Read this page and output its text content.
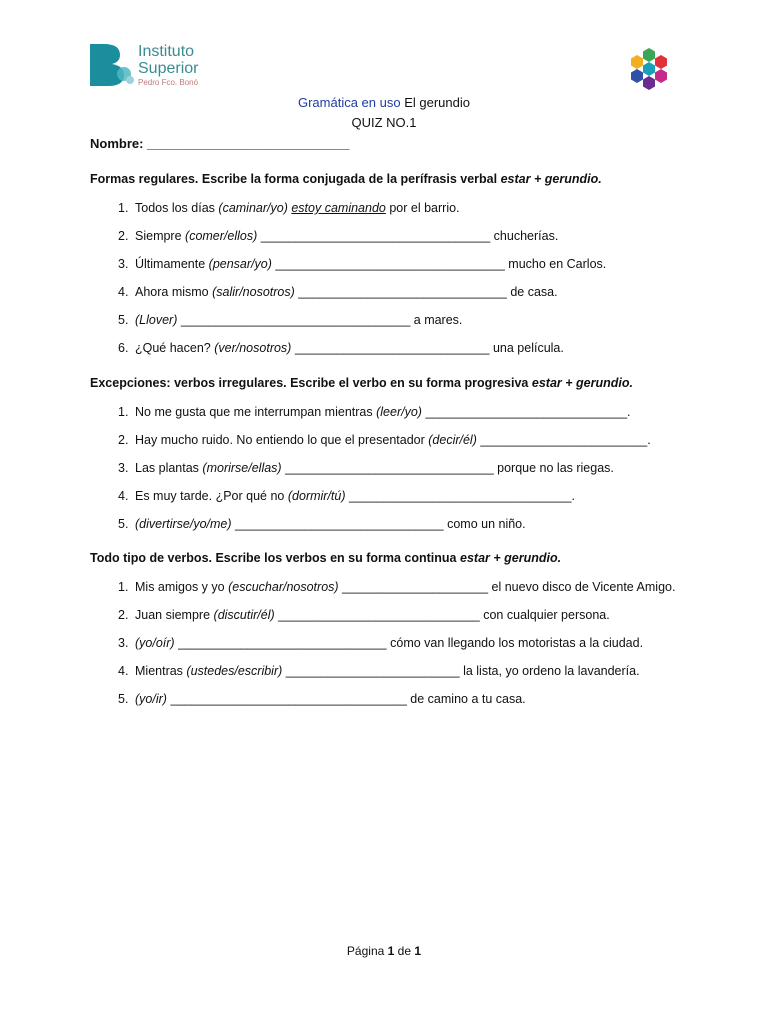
Instituto
Superior
Pedro Fco. Bonó
Gramática en uso El gerundio
QUIZ NO.1
Nombre: ____________________________
Formas regulares. Escribe la forma conjugada de la perífrasis verbal estar + gerundio.
1. Todos los días (caminar/yo) estoy caminando por el barrio.
2. Siempre (comer/ellos) _________________________________ chucherías.
3. Últimamente (pensar/yo) _________________________________ mucho en Carlos.
4. Ahora mismo (salir/nosotros) ______________________________ de casa.
5. (Llover) _________________________________ a mares.
6. ¿Qué hacen? (ver/nosotros) ____________________________ una película.
Excepciones: verbos irregulares. Escribe el verbo en su forma progresiva estar + gerundio.
1. No me gusta que me interrumpan mientras (leer/yo) _____________________________.
2. Hay mucho ruido. No entiendo lo que el presentador (decir/él) ________________________.
3. Las plantas (morirse/ellas) ______________________________ porque no las riegas.
4. Es muy tarde. ¿Por qué no (dormir/tú) ________________________________.
5. (divertirse/yo/me) ______________________________ como un niño.
Todo tipo de verbos. Escribe los verbos en su forma continua estar + gerundio.
1. Mis amigos y yo (escuchar/nosotros) _____________________ el nuevo disco de Vicente Amigo.
2. Juan siempre (discutir/él) _____________________________ con cualquier persona.
3. (yo/oír) ______________________________ cómo van llegando los motoristas a la ciudad.
4. Mientras (ustedes/escribir) _________________________ la lista, yo ordeno la lavandería.
5. (yo/ir) __________________________________ de camino a tu casa.
Página 1 de 1
